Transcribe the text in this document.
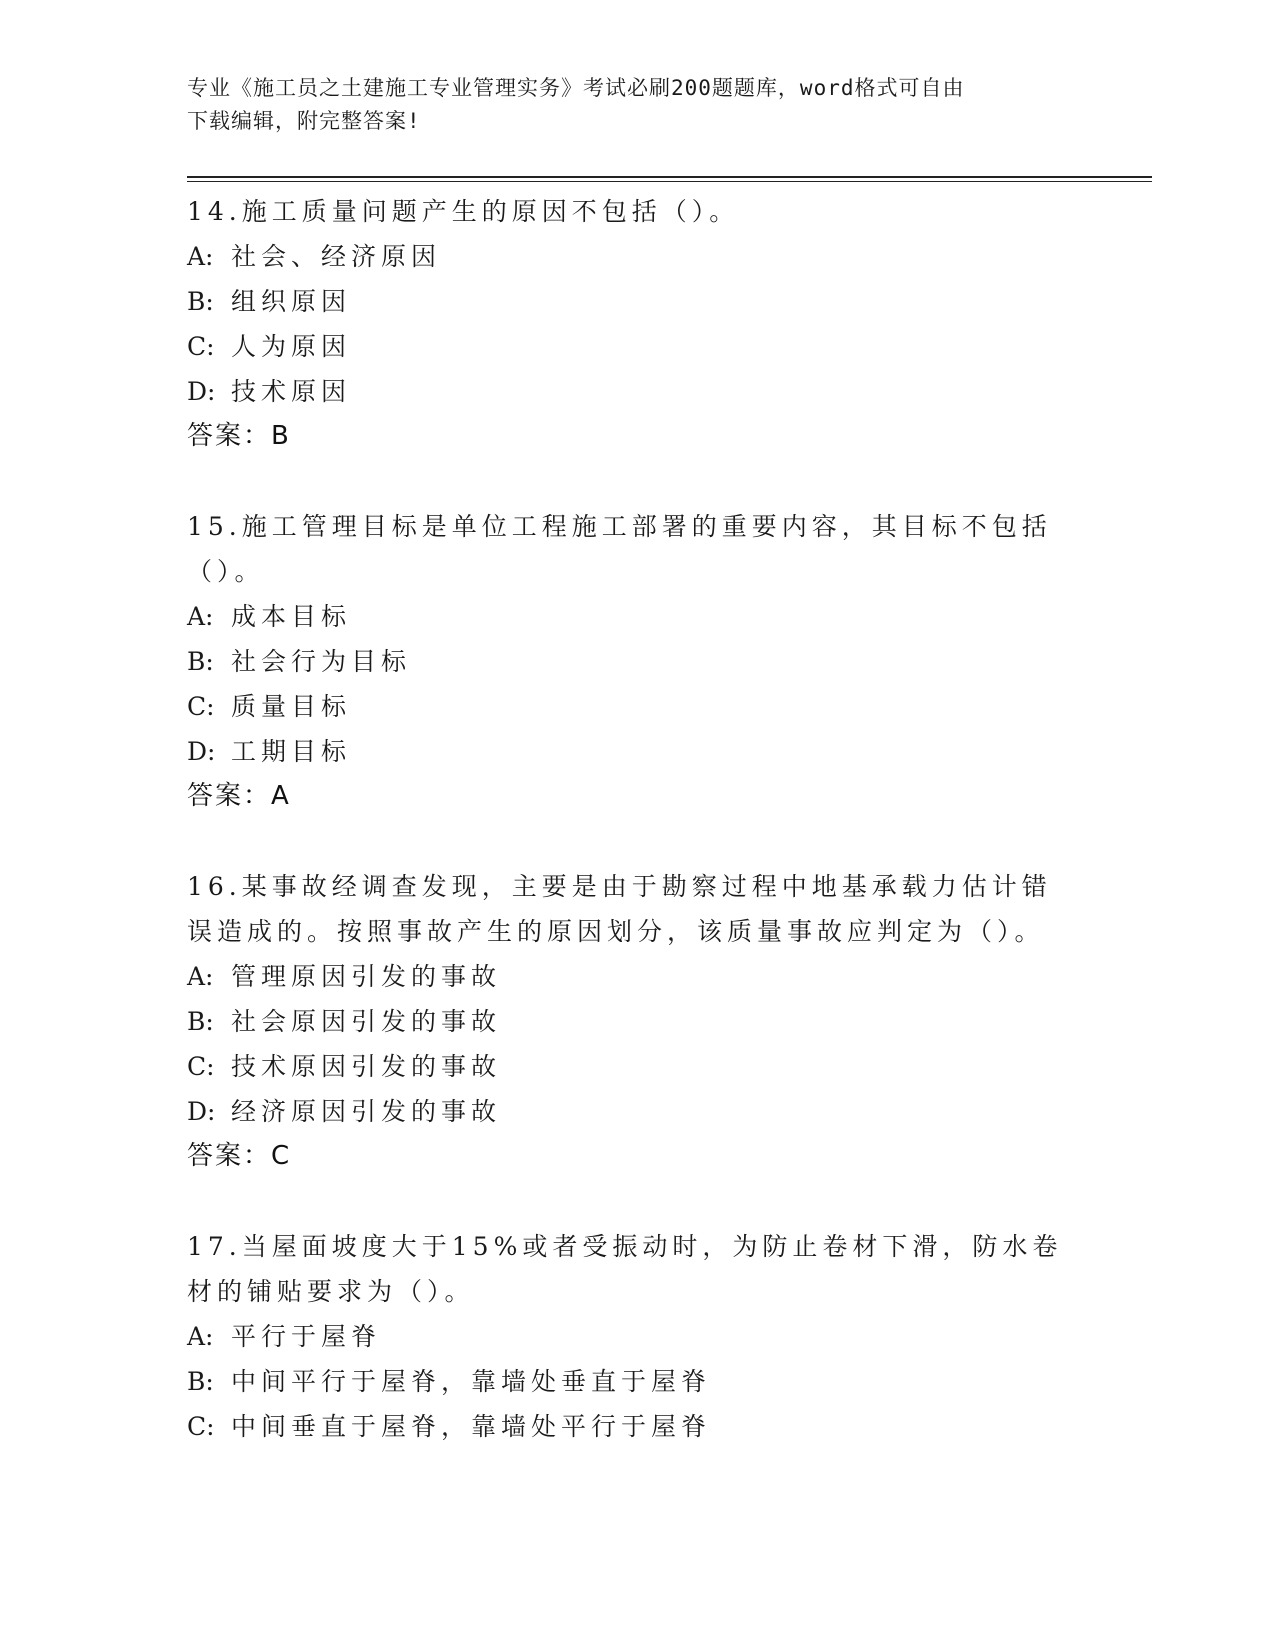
专业《施工员之土建施工专业管理实务》考试必刷200题题库，word格式可自由
下载编辑，附完整答案!
14.施工质量问题产生的原因不包括（）。
A: 社会、经济原因
B: 组织原因
C: 人为原因
D: 技术原因
答案：B
15.施工管理目标是单位工程施工部署的重要内容，其目标不包括（）。
A: 成本目标
B: 社会行为目标
C: 质量目标
D: 工期目标
答案：A
16.某事故经调查发现，主要是由于勘察过程中地基承载力估计错误造成的。按照事故产生的原因划分，该质量事故应判定为（）。
A: 管理原因引发的事故
B: 社会原因引发的事故
C: 技术原因引发的事故
D: 经济原因引发的事故
答案：C
17.当屋面坡度大于15%或者受振动时，为防止卷材下滑，防水卷材的铺贴要求为（）。
A: 平行于屋脊
B: 中间平行于屋脊，靠墙处垂直于屋脊
C: 中间垂直于屋脊，靠墙处平行于屋脊
